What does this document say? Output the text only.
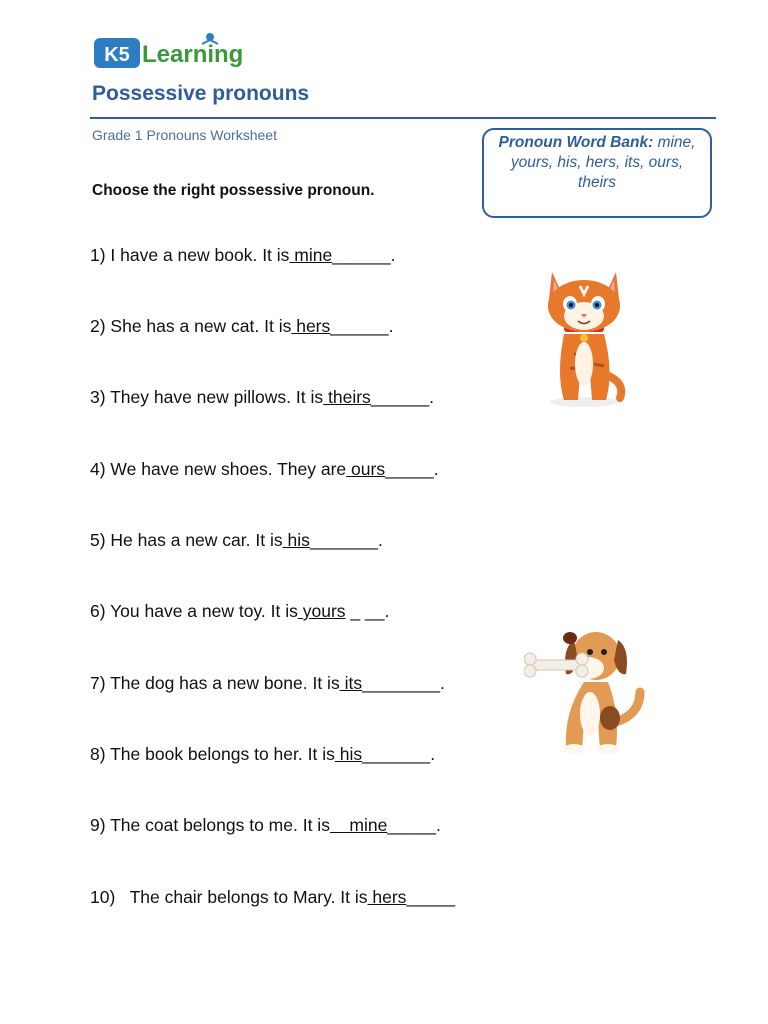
K5 Learning
Possessive pronouns
Grade 1 Pronouns Worksheet
Choose the right possessive pronoun.
Pronoun Word Bank: mine, yours, his, hers, its, ours, theirs
1) I have a new book. It is mine______.
2) She has a new cat. It is hers______.
3) They have new pillows. It is theirs______.
4) We have new shoes. They are ours_____.
5) He has a new car. It is his_______.
6) You have a new toy. It is yours _ __.
7) The dog has a new bone. It is its________.
8) The book belongs to her. It is his_______.
9) The coat belongs to me. It is    mine_____.
10)   The chair belongs to Mary. It is hers_____
